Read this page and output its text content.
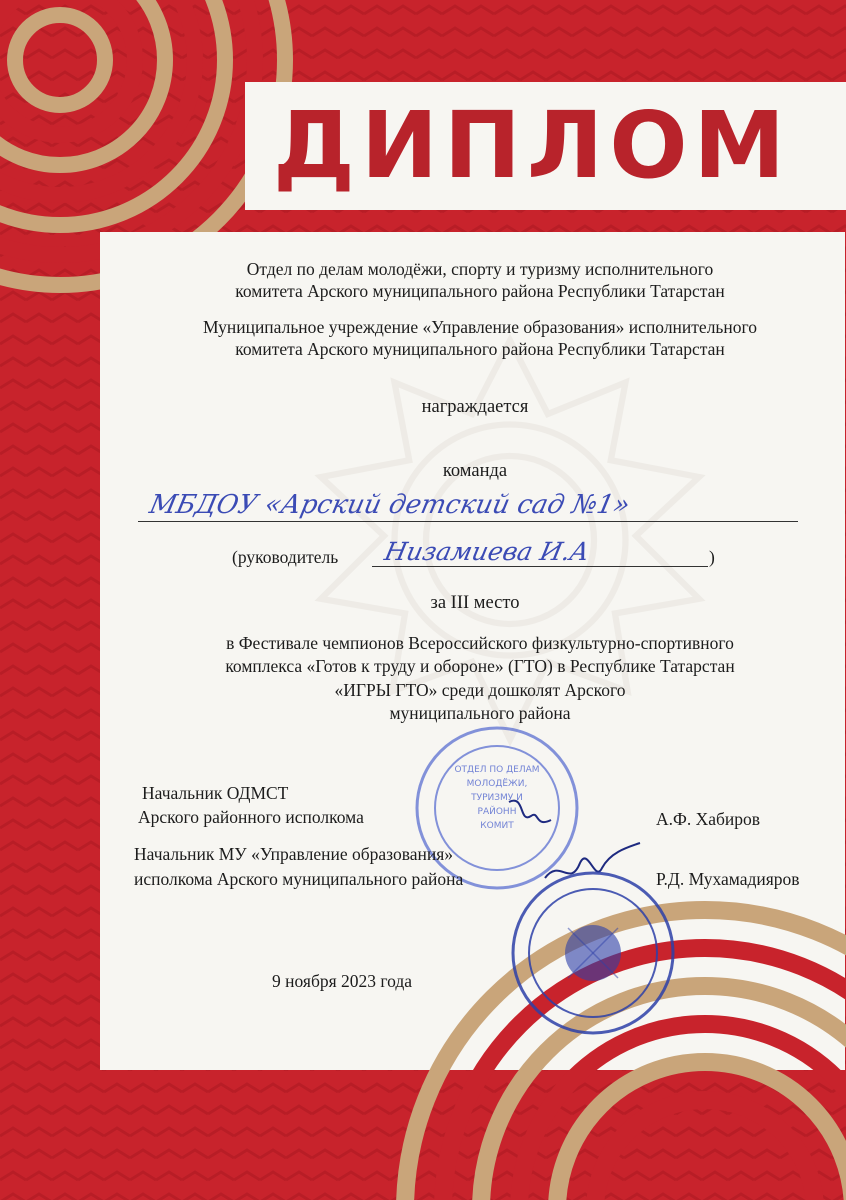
ДИПЛОМ
Отдел по делам молодёжи, спорту и туризму исполнительного
комитета Арского муниципального района Республики Татарстан
Муниципальное учреждение «Управление образования» исполнительного
комитета Арского муниципального района Республики Татарстан
награждается
команда
МБДОУ «Арский детский сад №1»
(руководитель Низамиева И.А	)
за III место
в Фестивале чемпионов Всероссийского физкультурно-спортивного
комплекса «Готов к труду и обороне» (ГТО) в Республике Татарстан
«ИГРЫ ГТО» среди дошколят Арского
муниципального района
ОТДЕЛ ПО ДЕЛАМ
МОЛОДЁЖИ,
ТУРИЗМУ И
РАЙОНН
КОМИТ
Начальник ОДМСТ
Арского районного исполкома	А.Ф. Хабиров
Начальник МУ «Управление образования»
исполкома Арского муниципального района	Р.Д. Мухамадияров
9 ноября 2023 года
